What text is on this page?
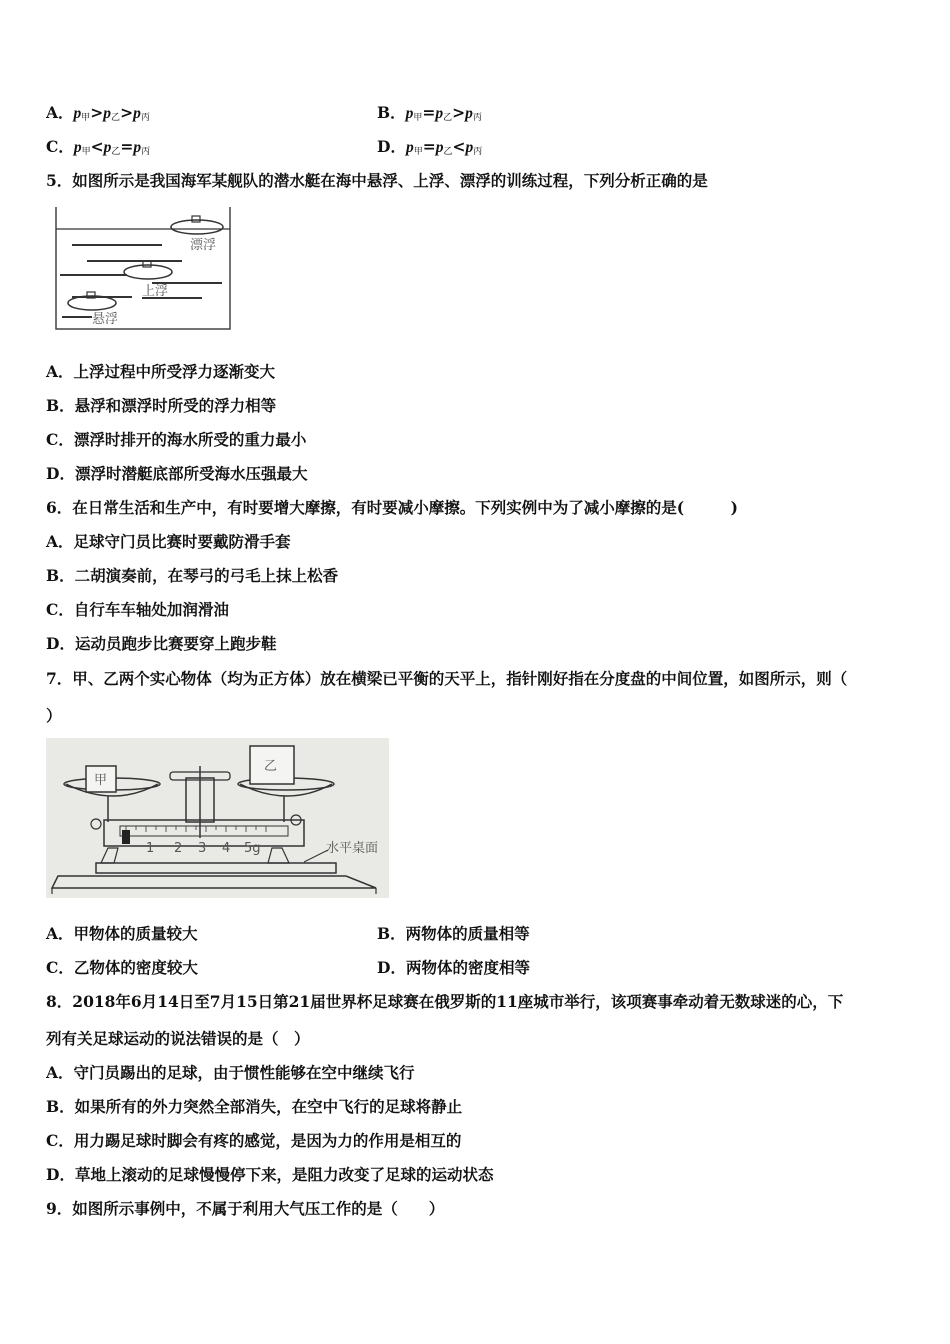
A．p甲>p乙>p丙	B．p甲=p乙>p丙
C．p甲<p乙=p丙	D．p甲=p乙<p丙
5．如图所示是我国海军某舰队的潜水艇在海中悬浮、上浮、漂浮的训练过程，下列分析正确的是
漂浮
上浮
悬浮
A．上浮过程中所受浮力逐渐变大
B．悬浮和漂浮时所受的浮力相等
C．漂浮时排开的海水所受的重力最小
D．漂浮时潜艇底部所受海水压强最大
6．在日常生活和生产中，有时要增大摩擦，有时要减小摩擦。下列实例中为了减小摩擦的是(　　　)
A．足球守门员比赛时要戴防滑手套
B．二胡演奏前，在琴弓的弓毛上抹上松香
C．自行车车轴处加润滑油
D．运动员跑步比赛要穿上跑步鞋
7．甲、乙两个实心物体（均为正方体）放在横梁已平衡的天平上，指针刚好指在分度盘的中间位置，如图所示，则（
）
1 2 3 4 5g
甲
乙
水平桌面
A．甲物体的质量较大	B．两物体的质量相等
C．乙物体的密度较大	D．两物体的密度相等
8．2018年6月14日至7月15日第21届世界杯足球赛在俄罗斯的11座城市举行，该项赛事牵动着无数球迷的心，下
列有关足球运动的说法错误的是（　）
A．守门员踢出的足球，由于惯性能够在空中继续飞行
B．如果所有的外力突然全部消失，在空中飞行的足球将静止
C．用力踢足球时脚会有疼的感觉，是因为力的作用是相互的
D．草地上滚动的足球慢慢停下来，是阻力改变了足球的运动状态
9．如图所示事例中，不属于利用大气压工作的是（　　）
